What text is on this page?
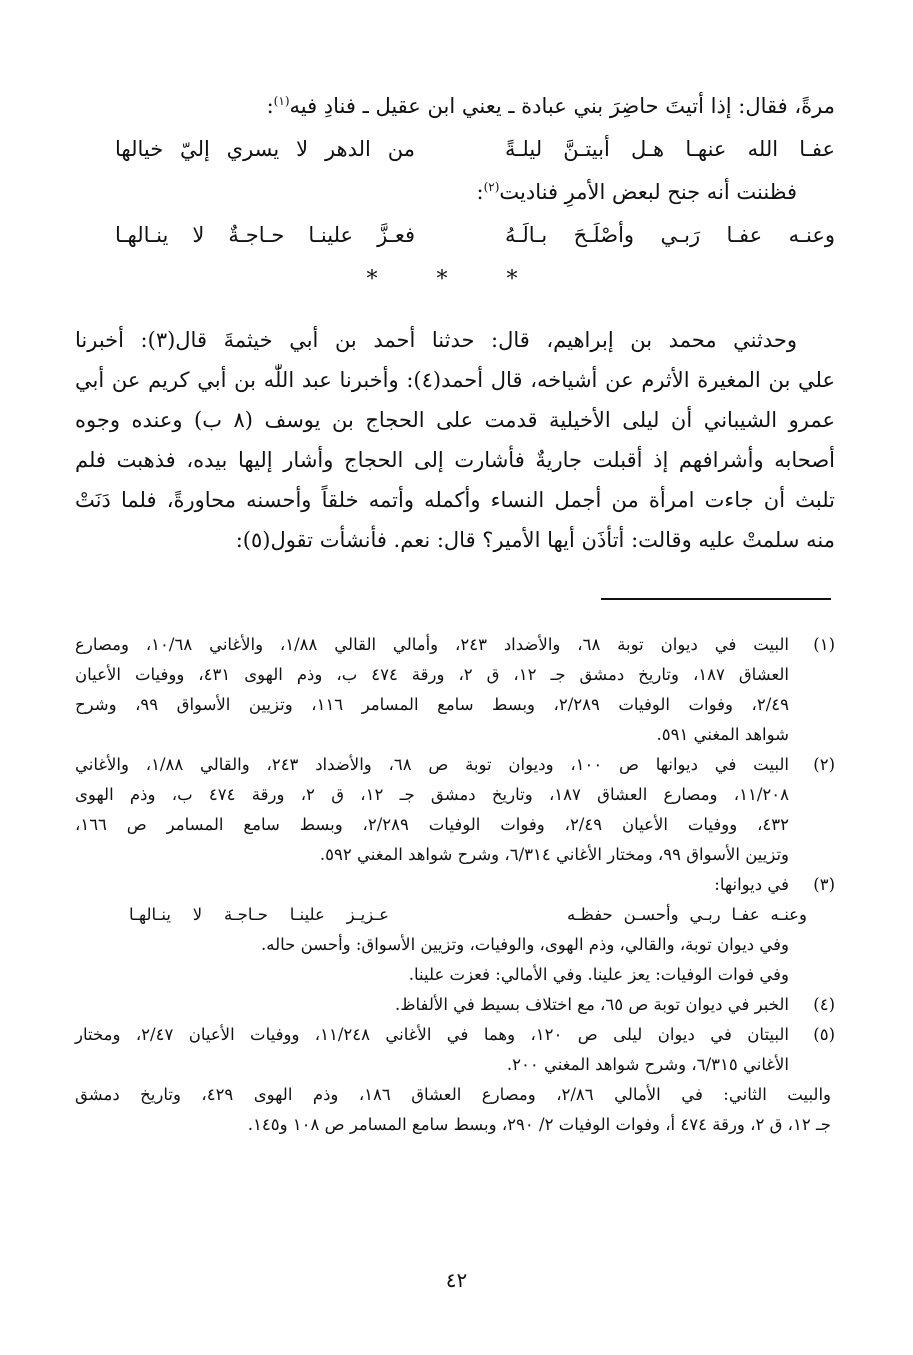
مرةً، فقال: إذا أتيتَ حاضِرَ بني عبادة ـ يعني ابن عقيل ـ فنادِ فيه$^{(١)}$:
عفـا الله عنهـا هـل أبيتـنَّ ليلـةً
من الدهر لا يسري إليّ خيالها
فظننت أنه جنح لبعض الأمرِ فناديت$^{(٢)}$:
وعنـه عفـا رَبـي وأصْلَـحَ بـالَـهُ
فعـزَّ علينـا حـاجـةٌ لا ينـالهـا
* * *
وحدثني محمد بن إبراهيم، قال: حدثنا أحمد بن أبي خيثمةَ قال(٣): أخبرنا
علي بن المغيرة الأثرم عن أشياخه، قال أحمد(٤): وأخبرنا عبد اللّٰه بن أبي كريم عن أبي
عمرو الشيباني أن ليلى الأخيلية قدمت على الحجاج بن يوسف (٨ ب) وعنده وجوه
أصحابه وأشرافهم إذ أقبلت جاريةٌ فأشارت إلى الحجاج وأشار إليها بيده، فذهبت فلم
تلبث أن جاءت امرأة من أجمل النساء وأكمله وأتمه خلقاً وأحسنه محاورةً، فلما دَنَتْ
منه سلمتْ عليه وقالت: أتأذَن أيها الأمير؟ قال: نعم. فأنشأت تقول(٥):
(١)
البيت في ديوان توبة ٦٨، والأضداد ٢٤٣، وأمالي القالي ١/٨٨، والأغاني ١٠/٦٨، ومصارع
العشاق ١٨٧، وتاريخ دمشق جـ ١٢، ق ٢، ورقة ٤٧٤ ب، وذم الهوى ٤٣١، ووفيات الأعيان
٢/٤٩، وفوات الوفيات ٢/٢٨٩، وبسط سامع المسامر ١١٦، وتزيين الأسواق ٩٩، وشرح
شواهد المغني ٥٩١.
(٢)
البيت في ديوانها ص ١٠٠، وديوان توبة ص ٦٨، والأضداد ٢٤٣، والقالي ١/٨٨، والأغاني
١١/٢٠٨، ومصارع العشاق ١٨٧، وتاريخ دمشق جـ ١٢، ق ٢، ورقة ٤٧٤ ب، وذم الهوى
٤٣٢، ووفيات الأعيان ٢/٤٩، وفوات الوفيات ٢/٢٨٩، وبسط سامع المسامر ص ١٦٦،
وتزيين الأسواق ٩٩، ومختار الأغاني ٦/٣١٤، وشرح شواهد المغني ٥٩٢.
(٣)
في ديوانها:
وعنـه عفـا ربـي وأحسـن حفظـه
عـزيـز علينـا حـاجـة لا ينـالهـا
وفي ديوان توبة، والقالي، وذم الهوى، والوفيات، وتزيين الأسواق: وأحسن حاله.
وفي فوات الوفيات: يعز علينا. وفي الأمالي: فعزت علينا.
(٤)
الخبر في ديوان توبة ص ٦٥، مع اختلاف بسيط في الألفاظ.
(٥)
البيتان في ديوان ليلى ص ١٢٠، وهما في الأغاني ١١/٢٤٨، ووفيات الأعيان ٢/٤٧، ومختار
الأغاني ٦/٣١٥، وشرح شواهد المغني ٢٠٠.
والبيت الثاني: في الأمالي ٢/٨٦، ومصارع العشاق ١٨٦، وذم الهوى ٤٢٩، وتاريخ دمشق
جـ ١٢، ق ٢، ورقة ٤٧٤ أ، وفوات الوفيات ٢/ ٢٩٠، وبسط سامع المسامر ص ١٠٨ و١٤٥.
٤٢
